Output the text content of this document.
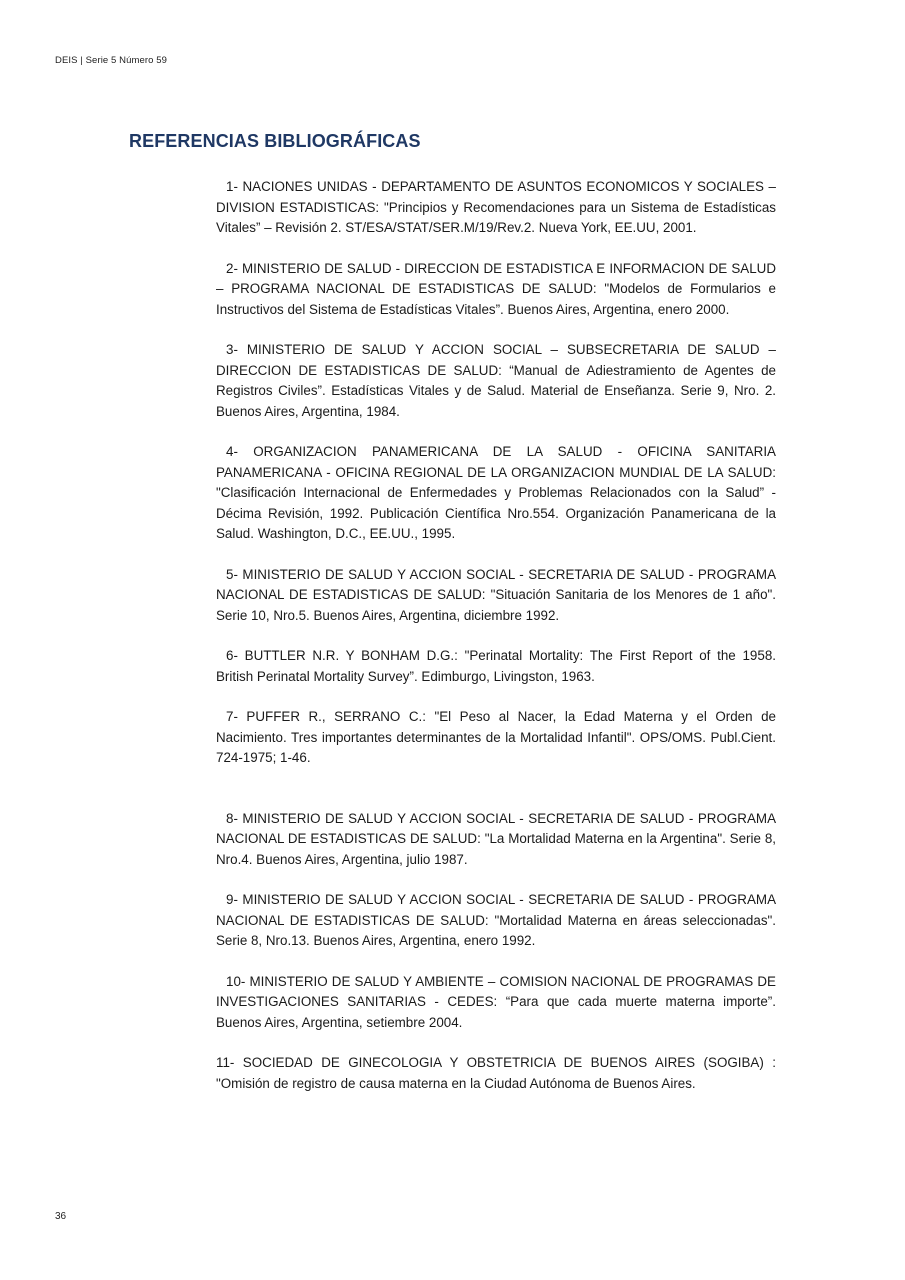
DEIS | Serie 5 Número 59
REFERENCIAS BIBLIOGRÁFICAS

1- NACIONES UNIDAS - DEPARTAMENTO DE ASUNTOS ECONOMICOS Y SOCIALES – DIVISION ESTADISTICAS: "Principios y Recomendaciones para un Sistema de Estadísticas Vitales” – Revisión 2. ST/ESA/STAT/SER.M/19/Rev.2. Nueva York, EE.UU, 2001.

2- MINISTERIO DE SALUD - DIRECCION DE ESTADISTICA E INFORMACION DE SALUD – PROGRAMA NACIONAL DE ESTADISTICAS DE SALUD: "Modelos de Formularios e Instructivos del Sistema de Estadísticas Vitales”. Buenos Aires, Argentina, enero 2000.

3- MINISTERIO DE SALUD Y ACCION SOCIAL – SUBSECRETARIA DE SALUD – DIRECCION DE ESTADISTICAS DE SALUD: “Manual de Adiestramiento de Agentes de Registros Civiles”. Estadísticas Vitales y de Salud. Material de Enseñanza. Serie 9, Nro. 2. Buenos Aires, Argentina, 1984.

4- ORGANIZACION PANAMERICANA DE LA SALUD - OFICINA SANITARIA PANAMERICANA - OFICINA REGIONAL DE LA ORGANIZACION MUNDIAL DE LA SALUD: "Clasificación Internacional de Enfermedades y Problemas Relacionados con la Salud” - Décima Revisión, 1992. Publicación Científica Nro.554. Organización Panamericana de la Salud. Washington, D.C., EE.UU., 1995.

5- MINISTERIO DE SALUD Y ACCION SOCIAL - SECRETARIA DE SALUD - PROGRAMA NACIONAL DE ESTADISTICAS DE SALUD: "Situación Sanitaria de los Menores de 1 año". Serie 10, Nro.5. Buenos Aires, Argentina, diciembre 1992.

6- BUTTLER N.R. Y BONHAM D.G.: "Perinatal Mortality: The First Report of the 1958. British Perinatal Mortality Survey”. Edimburgo, Livingston, 1963.

7- PUFFER R., SERRANO C.: "El Peso al Nacer, la Edad Materna y el Orden de Nacimiento. Tres importantes determinantes de la Mortalidad Infantil". OPS/OMS. Publ.Cient. 724-1975; 1-46.

8- MINISTERIO DE SALUD Y ACCION SOCIAL - SECRETARIA DE SALUD - PROGRAMA NACIONAL DE ESTADISTICAS DE SALUD: "La Mortalidad Materna en la Argentina". Serie 8, Nro.4. Buenos Aires, Argentina, julio 1987.

9- MINISTERIO DE SALUD Y ACCION SOCIAL - SECRETARIA DE SALUD - PROGRAMA NACIONAL DE ESTADISTICAS DE SALUD: "Mortalidad Materna en áreas seleccionadas". Serie 8, Nro.13. Buenos Aires, Argentina, enero 1992.

10- MINISTERIO DE SALUD Y AMBIENTE – COMISION NACIONAL DE PROGRAMAS DE INVESTIGACIONES SANITARIAS - CEDES: “Para que cada muerte materna importe”. Buenos Aires, Argentina, setiembre 2004.

11- SOCIEDAD DE GINECOLOGIA Y OBSTETRICIA DE BUENOS AIRES (SOGIBA) : "Omisión de registro de causa materna en la Ciudad Autónoma de Buenos Aires.

36
